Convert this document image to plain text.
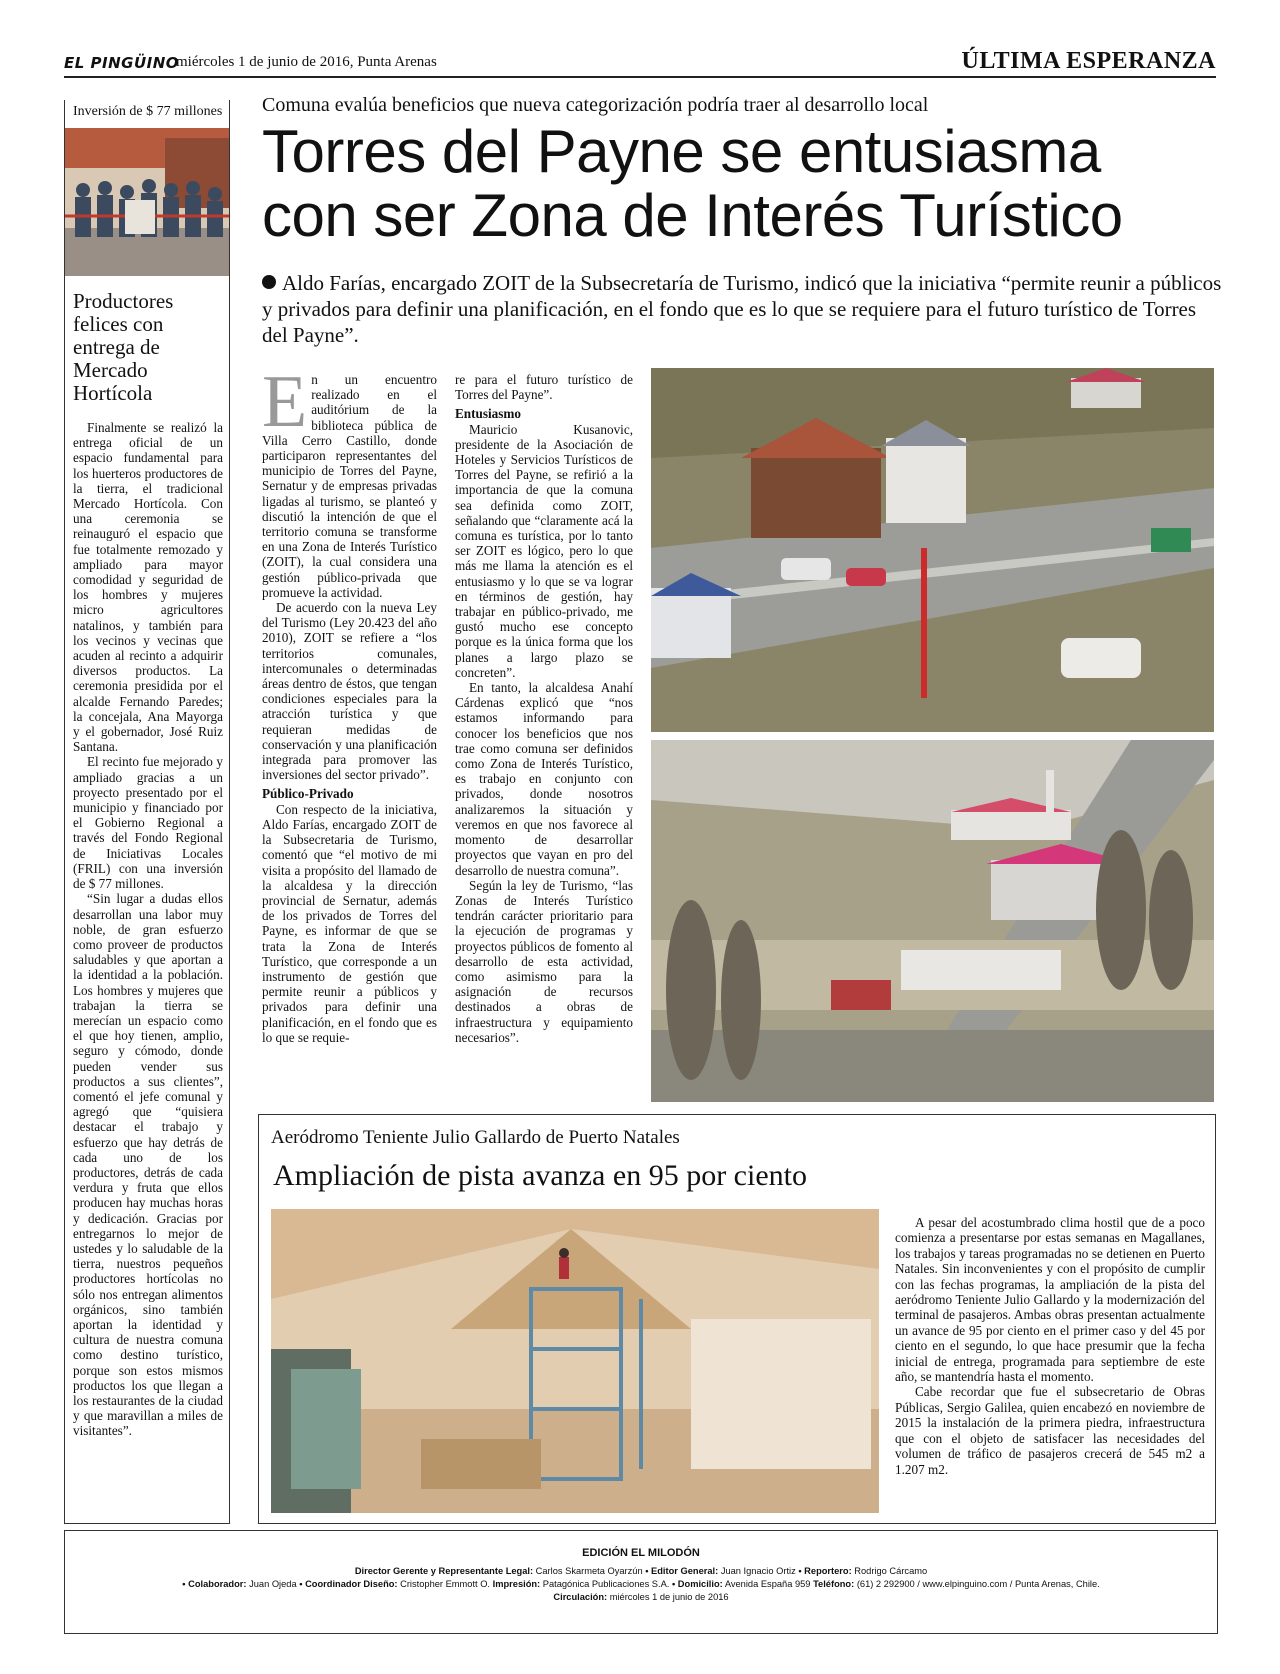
EL PINGÜINO
miércoles 1 de junio de 2016, Punta Arenas	ÚLTIMA ESPERANZA
Inversión de $ 77 millones
Productores felices con entrega de Mercado Hortícola

Finalmente se realizó la entrega oficial de un espacio fundamental para los huerteros productores de la tierra, el tradicional Mercado Hortícola. Con una ceremonia se reinauguró el espacio que fue totalmente remozado y ampliado para mayor comodidad y seguridad de los hombres y mujeres micro agricultores natalinos, y también para los vecinos y vecinas que acuden al recinto a adquirir diversos productos. La ceremonia presidida por el alcalde Fernando Paredes; la concejala, Ana Mayorga y el gobernador, José Ruiz Santana.

El recinto fue mejorado y ampliado gracias a un proyecto presentado por el municipio y financiado por el Gobierno Regional a través del Fondo Regional de Iniciativas Locales (FRIL) con una inversión de $ 77 millones.

“Sin lugar a dudas ellos desarrollan una labor muy noble, de gran esfuerzo como proveer de productos saludables y que aportan a la identidad a la población. Los hombres y mujeres que trabajan la tierra se merecían un espacio como el que hoy tienen, amplio, seguro y cómodo, donde pueden vender sus productos a sus clientes”, comentó el jefe comunal y agregó que “quisiera destacar el trabajo y esfuerzo que hay detrás de cada uno de los productores, detrás de cada verdura y fruta que ellos producen hay muchas horas y dedicación. Gracias por entregarnos lo mejor de ustedes y lo saludable de la tierra, nuestros pequeños productores hortícolas no sólo nos entregan alimentos orgánicos, sino también aportan la identidad y cultura de nuestra comuna como destino turístico, porque son estos mismos productos los que llegan a los restaurantes de la ciudad y que maravillan a miles de visitantes”.

Comuna evalúa beneficios que nueva categorización podría traer al desarrollo local
Torres del Payne se entusiasma
con ser Zona de Interés Turístico
Aldo Farías, encargado ZOIT de la Subsecretaría de Turismo, indicó que la iniciativa “permite reunir a públicos y privados para definir una planificación, en el fondo que es lo que se requiere para el futuro turístico de Torres del Payne”.

En un encuentro realizado en el auditórium de la biblioteca pública de Villa Cerro Castillo, donde participaron representantes del municipio de Torres del Payne, Sernatur y de empresas privadas ligadas al turismo, se planteó y discutió la intención de que el territorio comuna se transforme en una Zona de Interés Turístico (ZOIT), la cual considera una gestión público-privada que promueve la actividad.

De acuerdo con la nueva Ley del Turismo (Ley 20.423 del año 2010), ZOIT se refiere a “los territorios comunales, intercomunales o determinadas áreas dentro de éstos, que tengan condiciones especiales para la atracción turística y que requieran medidas de conservación y una planificación integrada para promover las inversiones del sector privado”.

Público-Privado

Con respecto de la iniciativa, Aldo Farías, encargado ZOIT de la Subsecretaria de Turismo, comentó que “el motivo de mi visita a propósito del llamado de la alcaldesa y la dirección provincial de Sernatur, además de los privados de Torres del Payne, es informar de que se trata la Zona de Interés Turístico, que corresponde a un instrumento de gestión que permite reunir a públicos y privados para definir una planificación, en el fondo que es lo que se requie-

re para el futuro turístico de Torres del Payne”.

Entusiasmo

Mauricio Kusanovic, presidente de la Asociación de Hoteles y Servicios Turísticos de Torres del Payne, se refirió a la importancia de que la comuna sea definida como ZOIT, señalando que “claramente acá la comuna es turística, por lo tanto ser ZOIT es lógico, pero lo que más me llama la atención es el entusiasmo y lo que se va lograr en términos de gestión, hay trabajar en público-privado, me gustó mucho ese concepto porque es la única forma que los planes a largo plazo se concreten”.

En tanto, la alcaldesa Anahí Cárdenas explicó que “nos estamos informando para conocer los beneficios que nos trae como comuna ser definidos como Zona de Interés Turístico, es trabajo en conjunto con privados, donde nosotros analizaremos la situación y veremos en que nos favorece al momento de desarrollar proyectos que vayan en pro del desarrollo de nuestra comuna”.

Según la ley de Turismo, “las Zonas de Interés Turístico tendrán carácter prioritario para la ejecución de programas y proyectos públicos de fomento al desarrollo de esta actividad, como asimismo para la asignación de recursos destinados a obras de infraestructura y equipamiento necesarios”.

Aeródromo Teniente Julio Gallardo de Puerto Natales
Ampliación de pista avanza en 95 por ciento

A pesar del acostumbrado clima hostil que de a poco comienza a presentarse por estas semanas en Magallanes, los trabajos y tareas programadas no se detienen en Puerto Natales. Sin inconvenientes y con el propósito de cumplir con las fechas programas, la ampliación de la pista del aeródromo Teniente Julio Gallardo y la modernización del terminal de pasajeros. Ambas obras presentan actualmente un avance de 95 por ciento en el primer caso y del 45 por ciento en el segundo, lo que hace presumir que la fecha inicial de entrega, programada para septiembre de este año, se mantendría hasta el momento.

Cabe recordar que fue el subsecretario de Obras Públicas, Sergio Galilea, quien encabezó en noviembre de 2015 la instalación de la primera piedra, infraestructura que con el objeto de satisfacer las necesidades del volumen de tráfico de pasajeros crecerá de 545 m2 a 1.207 m2.

EDICIÓN EL MILODÓN
Director Gerente y Representante Legal: Carlos Skarmeta Oyarzún • Editor General: Juan Ignacio Ortiz • Reportero: Rodrigo Cárcamo
• Colaborador: Juan Ojeda • Coordinador Diseño: Cristopher Emmott O. Impresión: Patagónica Publicaciones S.A. • Domicilio: Avenida España 959 Teléfono: (61) 2 292900 / www.elpinguino.com / Punta Arenas, Chile.
Circulación: miércoles 1 de junio de 2016
